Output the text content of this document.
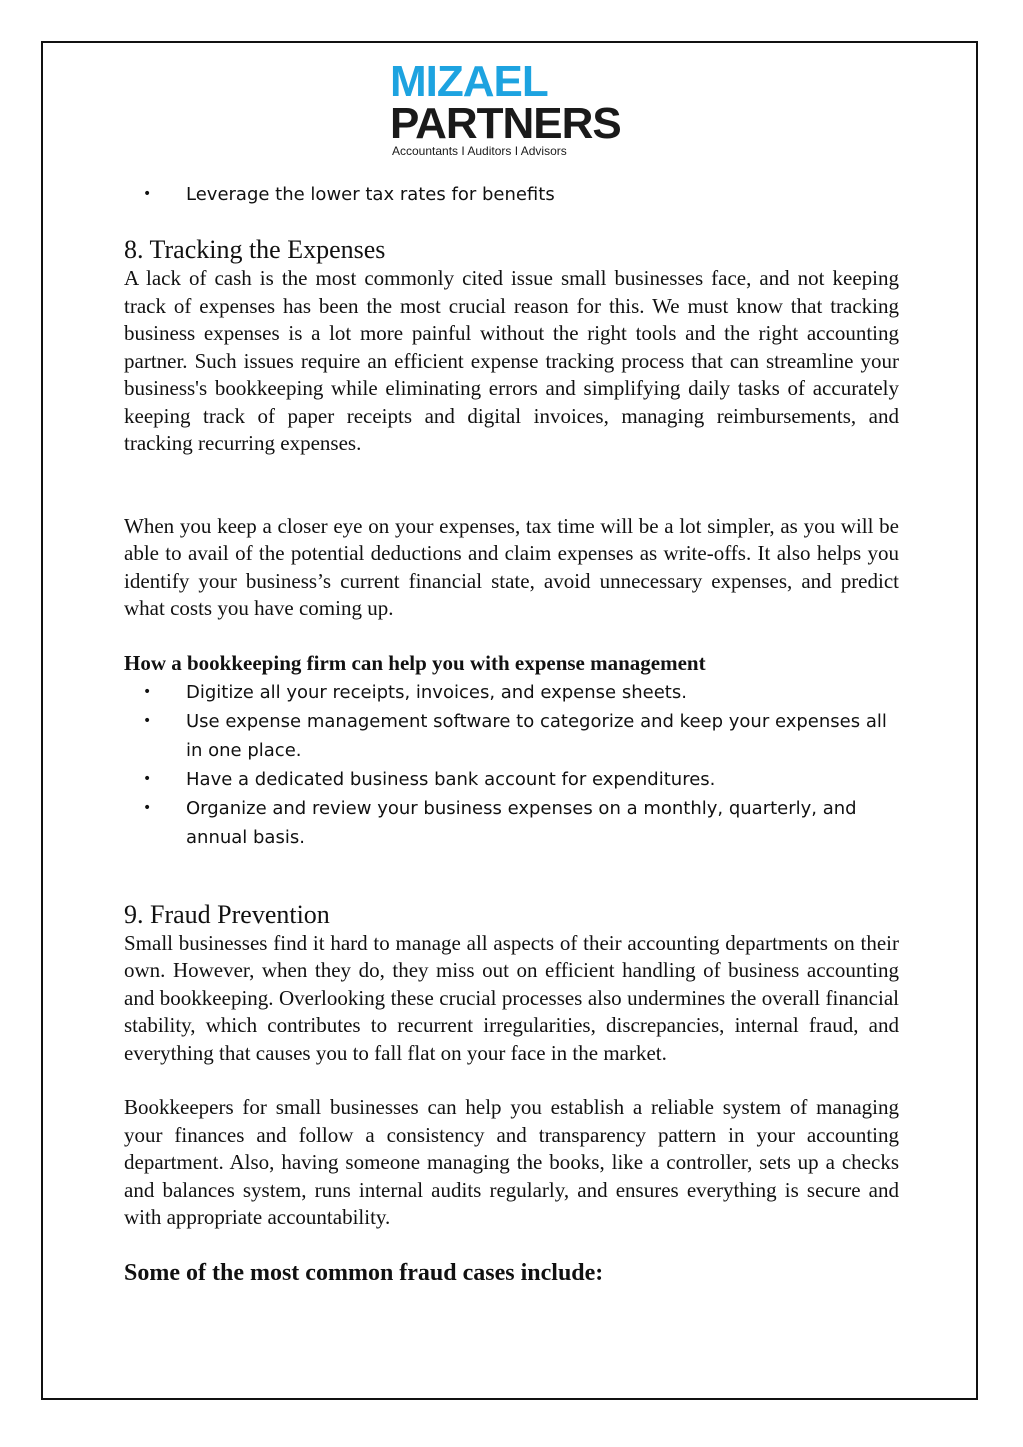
MIZAEL
PARTNERS
Accountants I Auditors I Advisors
• Leverage the lower tax rates for benefits
8. Tracking the Expenses

A lack of cash is the most commonly cited issue small businesses face, and not keeping track of expenses has been the most crucial reason for this. We must know that tracking business expenses is a lot more painful without the right tools and the right accounting partner. Such issues require an efficient expense tracking process that can streamline your business's bookkeeping while eliminating errors and simplifying daily tasks of accurately keeping track of paper receipts and digital invoices, managing reimbursements, and tracking recurring expenses.

When you keep a closer eye on your expenses, tax time will be a lot simpler, as you will be able to avail of the potential deductions and claim expenses as write-offs. It also helps you identify your business’s current financial state, avoid unnecessary expenses, and predict what costs you have coming up.

How a bookkeeping firm can help you with expense management
• Digitize all your receipts, invoices, and expense sheets.
• Use expense management software to categorize and keep your expenses all in one place.
• Have a dedicated business bank account for expenditures.
• Organize and review your business expenses on a monthly, quarterly, and annual basis.
9. Fraud Prevention

Small businesses find it hard to manage all aspects of their accounting departments on their own. However, when they do, they miss out on efficient handling of business accounting and bookkeeping. Overlooking these crucial processes also undermines the overall financial stability, which contributes to recurrent irregularities, discrepancies, internal fraud, and everything that causes you to fall flat on your face in the market.

Bookkeepers for small businesses can help you establish a reliable system of managing your finances and follow a consistency and transparency pattern in your accounting department. Also, having someone managing the books, like a controller, sets up a checks and balances system, runs internal audits regularly, and ensures everything is secure and with appropriate accountability.

Some of the most common fraud cases include:
